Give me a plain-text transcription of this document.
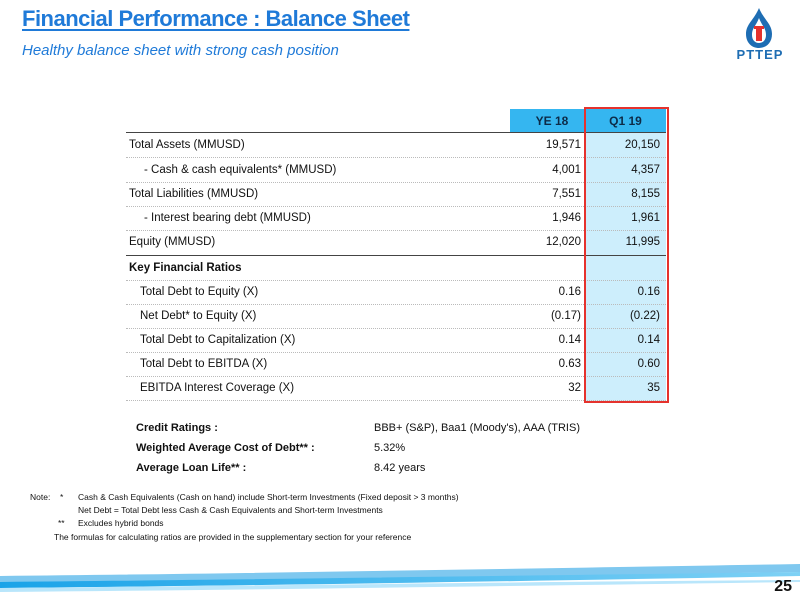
Financial Performance : Balance Sheet
Healthy balance sheet with strong cash position	PTTEP
YE 18	Q1 19
Total Assets (MMUSD)	19,571	20,150
- Cash & cash equivalents* (MMUSD)	4,001	4,357
Total Liabilities (MMUSD)	7,551	8,155
- Interest bearing debt (MMUSD)	1,946	1,961
Equity (MMUSD)	12,020	11,995
Key Financial Ratios
Total Debt to Equity (X)	0.16	0.16
Net Debt* to Equity (X)	(0.17)	(0.22)
Total Debt to Capitalization (X)	0.14	0.14
Total Debt to EBITDA (X)	0.63	0.60
EBITDA Interest Coverage (X)	32	35
Credit Ratings :	BBB+ (S&P), Baa1 (Moody's), AAA (TRIS)
Weighted Average Cost of Debt** :	5.32%
Average Loan Life** :	8.42 years
Note: * Cash & Cash Equivalents (Cash on hand) include Short-term Investments (Fixed deposit > 3 months)
Net Debt = Total Debt less Cash & Cash Equivalents and Short-term Investments
** Excludes hybrid bonds
The formulas for calculating ratios are provided in the supplementary section for your reference
25
